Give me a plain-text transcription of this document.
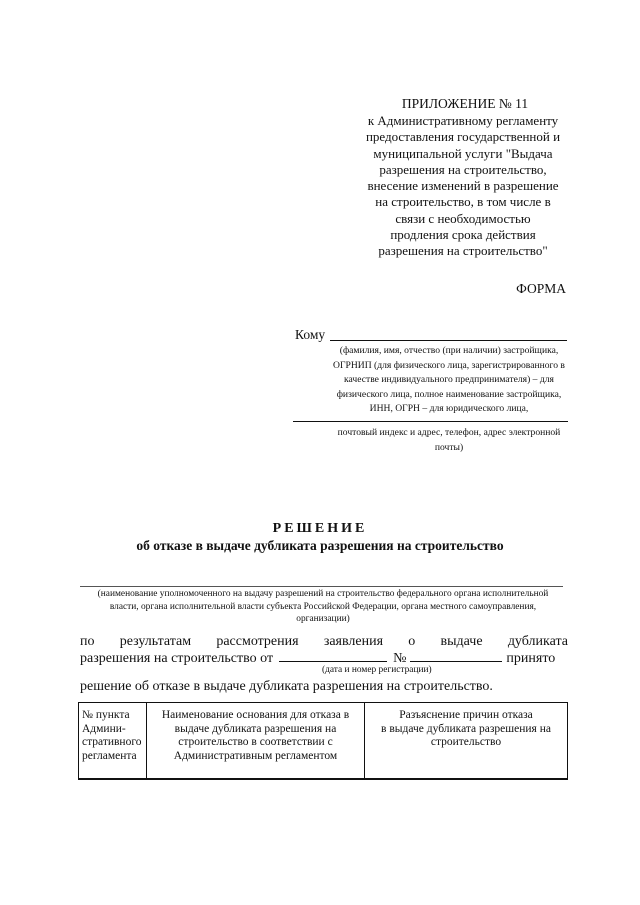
ПРИЛОЖЕНИЕ № 11
к Административному регламенту
предоставления государственной и
муниципальной услуги "Выдача
разрешения на строительство,
внесение изменений в разрешение
на строительство, в том числе в
связи с необходимостью
продления срока действия
разрешения на строительство"
ФОРМА
Кому
(фамилия, имя, отчество (при наличии) застройщика,
ОГРНИП (для физического лица, зарегистрированного в
качестве индивидуального предпринимателя) – для
физического лица, полное наименование застройщика,
ИНН, ОГРН – для юридического лица,
почтовый индекс и адрес, телефон, адрес электронной
почты)
РЕШЕНИЕ
об отказе в выдаче дубликата разрешения на строительство
(наименование уполномоченного на выдачу разрешений на строительство федерального органа исполнительной
власти, органа исполнительной власти субъекта Российской Федерации, органа местного самоуправления,
организации)
по результатам рассмотрения заявления о выдаче дубликата
разрешения на строительство от	№	принято
(дата и номер регистрации)
решение об отказе в выдаче дубликата разрешения на строительство.
№ пункта
Админи-
стративного
регламента
Наименование основания для отказа в
выдаче дубликата разрешения на
строительство в соответствии с
Административным регламентом
Разъяснение причин отказа
в выдаче дубликата разрешения на
строительство
